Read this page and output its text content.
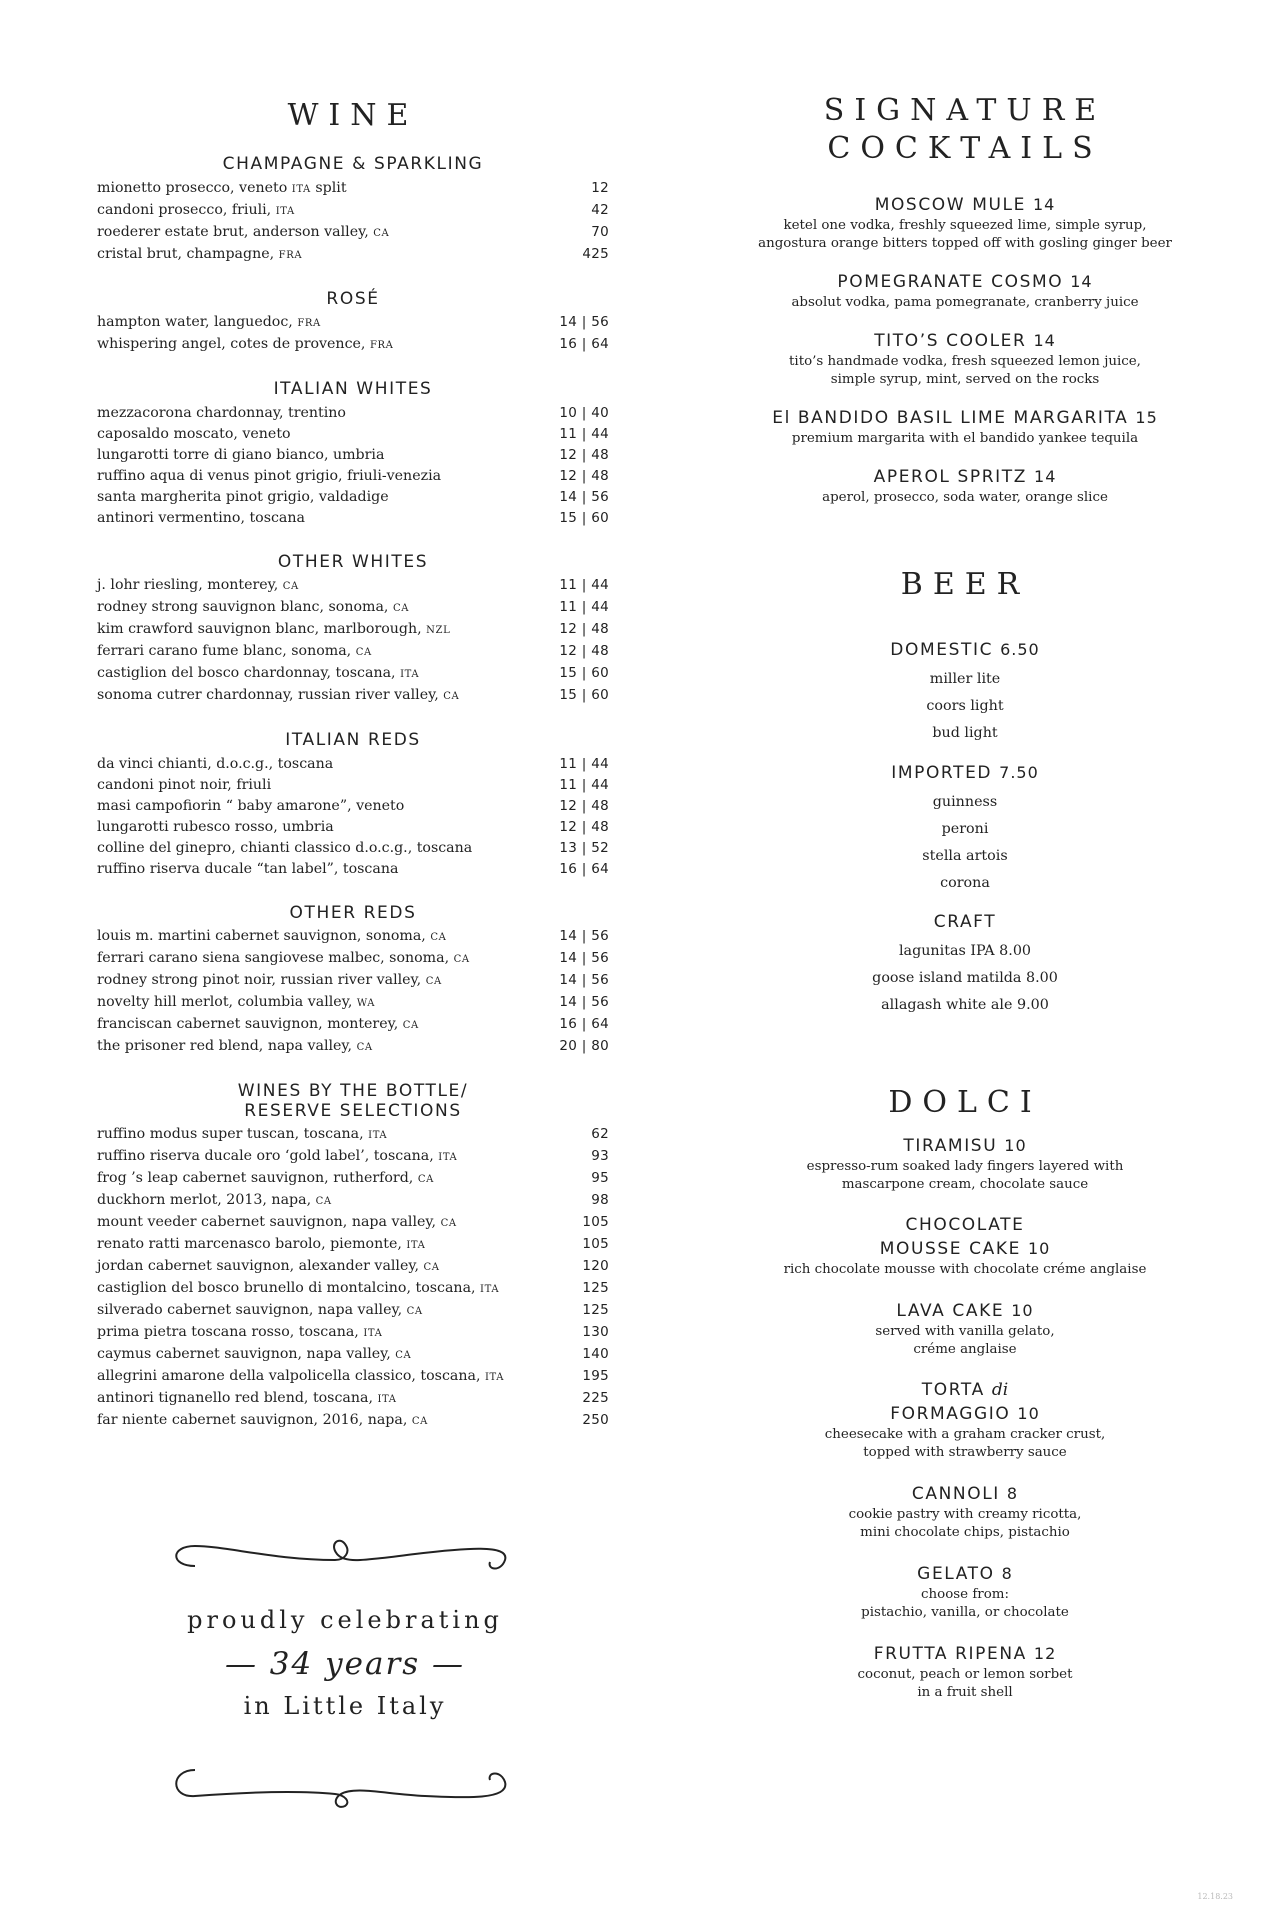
WINE
CHAMPAGNE & SPARKLING
mionetto prosecco, veneto ITA split	12
candoni prosecco, friuli, ITA	42
roederer estate brut, anderson valley, CA	70
cristal brut, champagne, FRA	425
ROSÉ
hampton water, languedoc, FRA	14 | 56
whispering angel, cotes de provence, FRA	16 | 64
ITALIAN WHITES
mezzacorona chardonnay, trentino	10 | 40
caposaldo moscato, veneto	11 | 44
lungarotti torre di giano bianco, umbria	12 | 48
ruffino aqua di venus pinot grigio, friuli-venezia	12 | 48
santa margherita pinot grigio, valdadige	14 | 56
antinori vermentino, toscana	15 | 60
OTHER WHITES
j. lohr riesling, monterey, CA	11 | 44
rodney strong sauvignon blanc, sonoma, CA	11 | 44
kim crawford sauvignon blanc, marlborough, NZL	12 | 48
ferrari carano fume blanc, sonoma, CA	12 | 48
castiglion del bosco chardonnay, toscana, ITA	15 | 60
sonoma cutrer chardonnay, russian river valley, CA	15 | 60
ITALIAN REDS
da vinci chianti, d.o.c.g., toscana	11 | 44
candoni pinot noir, friuli	11 | 44
masi campofiorin “ baby amarone”, veneto	12 | 48
lungarotti rubesco rosso, umbria	12 | 48
colline del ginepro, chianti classico d.o.c.g., toscana	13 | 52
ruffino riserva ducale “tan label”, toscana	16 | 64
OTHER REDS
louis m. martini cabernet sauvignon, sonoma, CA	14 | 56
ferrari carano siena sangiovese malbec, sonoma, CA	14 | 56
rodney strong pinot noir, russian river valley, CA	14 | 56
novelty hill merlot, columbia valley, WA	14 | 56
franciscan cabernet sauvignon, monterey, CA	16 | 64
the prisoner red blend, napa valley, CA	20 | 80
WINES BY THE BOTTLE/
RESERVE SELECTIONS
ruffino modus super tuscan, toscana, ITA	62
ruffino riserva ducale oro ‘gold label’, toscana, ITA	93
frog ’s leap cabernet sauvignon, rutherford, CA	95
duckhorn merlot, 2013, napa, CA	98
mount veeder cabernet sauvignon, napa valley, CA	105
renato ratti marcenasco barolo, piemonte, ITA	105
jordan cabernet sauvignon, alexander valley, CA	120
castiglion del bosco brunello di montalcino, toscana, ITA	125
silverado cabernet sauvignon, napa valley, CA	125
prima pietra toscana rosso, toscana, ITA	130
caymus cabernet sauvignon, napa valley, CA	140
allegrini amarone della valpolicella classico, toscana, ITA	195
antinori tignanello red blend, toscana, ITA	225
far niente cabernet sauvignon, 2016, napa, CA	250
proudly celebrating
— 34 years —
in Little Italy
SIGNATURE
COCKTAILS
MOSCOW MULE 14
ketel one vodka, freshly squeezed lime, simple syrup,
angostura orange bitters topped off with gosling ginger beer
POMEGRANATE COSMO 14
absolut vodka, pama pomegranate, cranberry juice
TITO’S COOLER 14
tito’s handmade vodka, fresh squeezed lemon juice,
simple syrup, mint, served on the rocks
El BANDIDO BASIL LIME MARGARITA 15
premium margarita with el bandido yankee tequila
APEROL SPRITZ 14
aperol, prosecco, soda water, orange slice
BEER
DOMESTIC 6.50
miller lite
coors light
bud light
IMPORTED 7.50
guinness
peroni
stella artois
corona
CRAFT
lagunitas IPA 8.00
goose island matilda 8.00
allagash white ale 9.00
DOLCI
TIRAMISU 10
espresso-rum soaked lady fingers layered with
mascarpone cream, chocolate sauce
CHOCOLATE
MOUSSE CAKE 10
rich chocolate mousse with chocolate créme anglaise
LAVA CAKE 10
served with vanilla gelato,
créme anglaise
TORTA di
FORMAGGIO 10
cheesecake with a graham cracker crust,
topped with strawberry sauce
CANNOLI 8
cookie pastry with creamy ricotta,
mini chocolate chips, pistachio
GELATO 8
choose from:
pistachio, vanilla, or chocolate
FRUTTA RIPENA 12
coconut, peach or lemon sorbet
in a fruit shell
12.18.23
